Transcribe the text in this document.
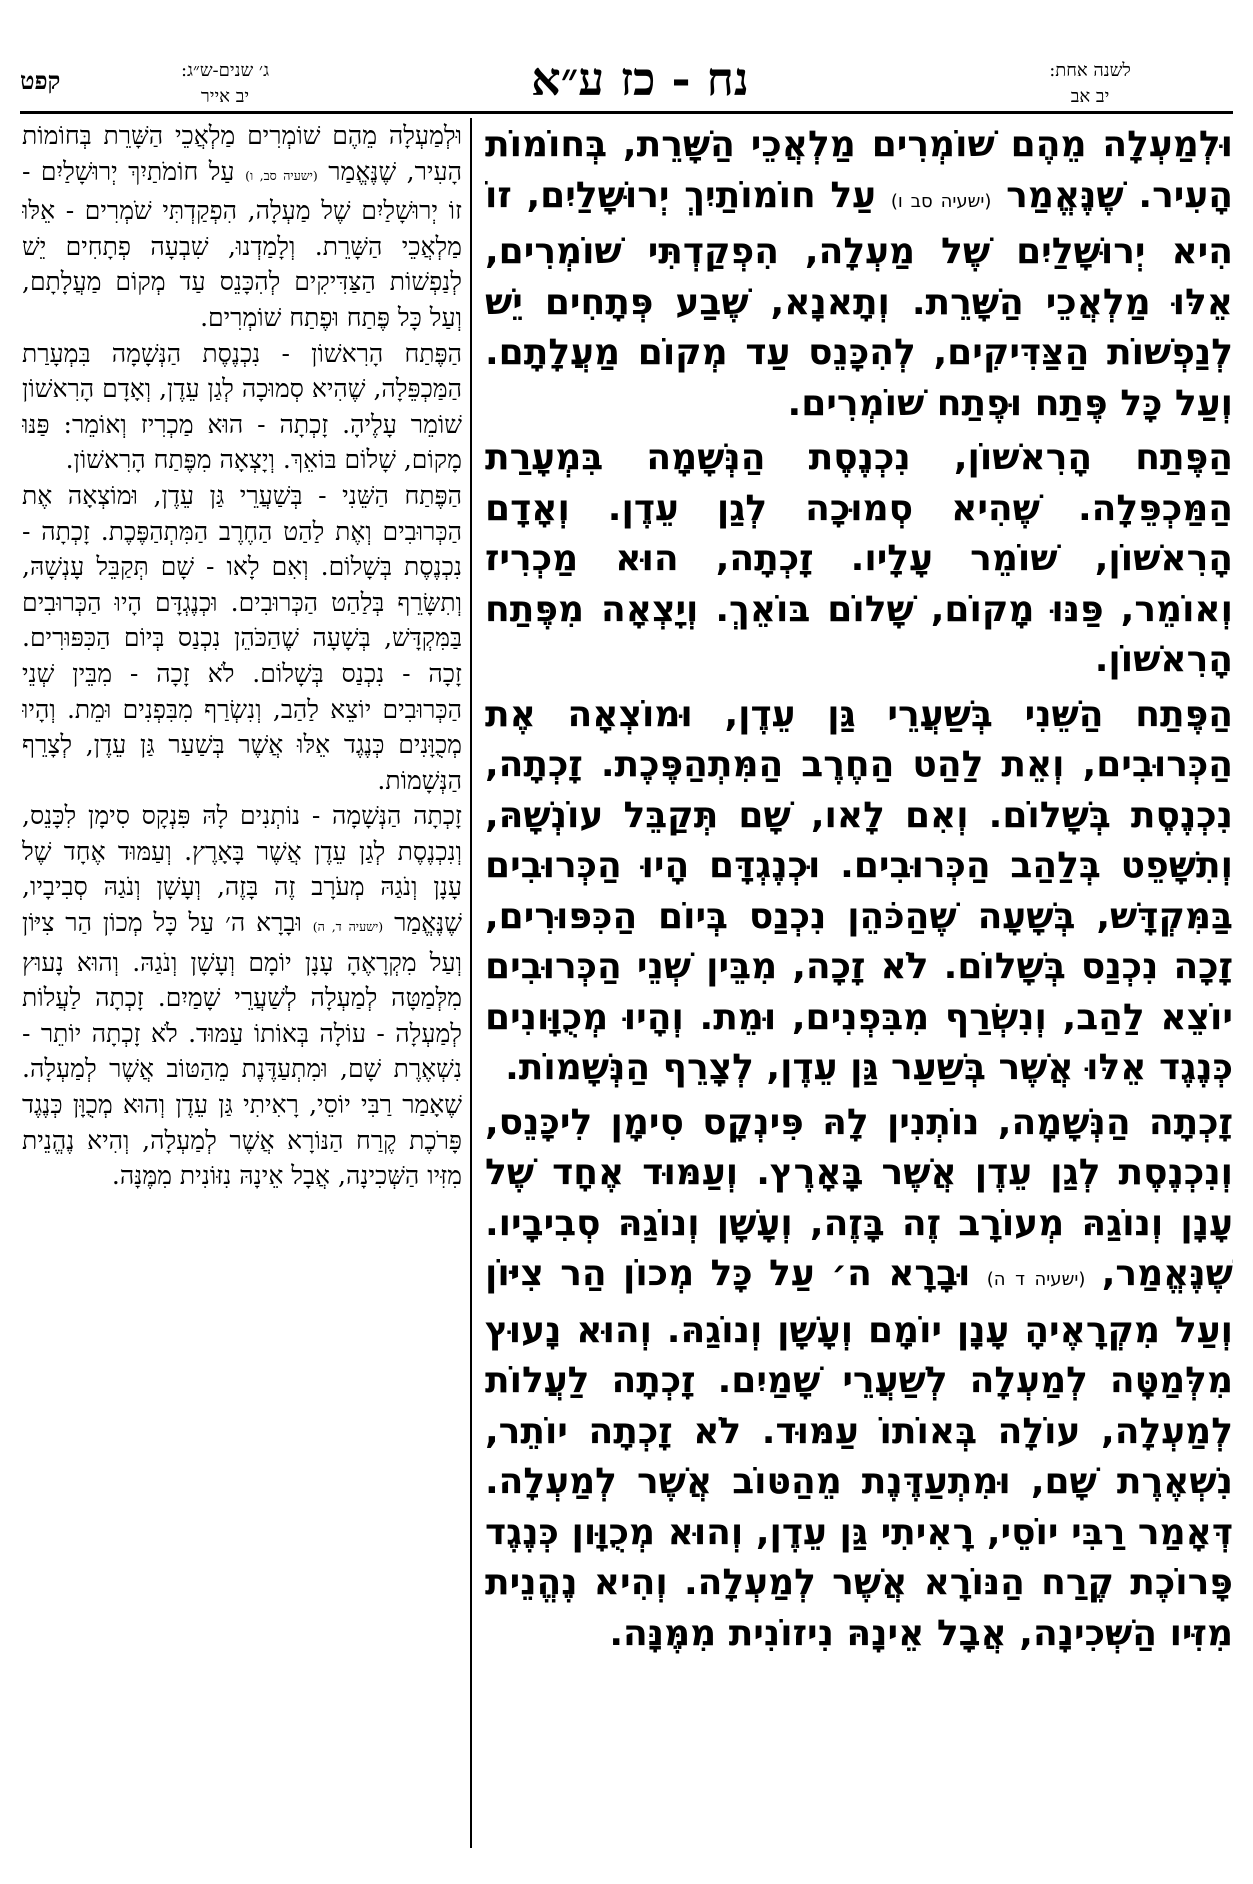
קפט	ג׳ שנים-ש״ג:
יב אייר	נח - כז ע״א	לשנה אחת:
יב אב

וּלְמַעְלָה מֵהֶם שׁוֹמְרִים מַלְאֲכֵי הַשָּׁרֵת, בְּחוֹמוֹת הָעִיר. שֶׁנֶּאֱמַר (ישעיה סב ו) עַל חוֹמוֹתַיִךְ יְרוּשָׁלַיִם, זוֹ הִיא יְרוּשָׁלַיִם שֶׁל מַעְלָה, הִפְקַדְתִּי שׁוֹמְרִים, אֵלּוּ מַלְאֲכֵי הַשָּׁרֵת. וְתָאנָא, שֶׁבַע פְּתָחִים יֵשׁ לְנַפְשׁוֹת הַצַּדִּיקִים, לְהִכָּנֵס עַד מְקוֹם מַעֲלָתָם. וְעַל כָּל פֶּתַח וּפֶתַח שׁוֹמְרִים.

הַפֶּתַח הָרִאשׁוֹן, נִכְנֶסֶת הַנְּשָׁמָה בִּמְעָרַת הַמַּכְפֵּלָה. שֶׁהִיא סְמוּכָה לְגַן עֵדֶן. וְאָדָם הָרִאשׁוֹן, שׁוֹמֵר עָלָיו. זָכְתָה, הוּא מַכְרִיז וְאוֹמֵר, פַּנּוּ מָקוֹם, שָׁלוֹם בּוֹאֵךְ. וְיָצְאָה מִפֶּתַח הָרִאשׁוֹן.

הַפֶּתַח הַשֵּׁנִי בְּשַׁעֲרֵי גַּן עֵדֶן, וּמוֹצְאָה אֶת הַכְּרוּבִים, וְאֵת לַהַט הַחֶרֶב הַמִּתְהַפֶּכֶת. זָכְתָה, נִכְנֶסֶת בְּשָׁלוֹם. וְאִם לָאו, שָׁם תְּקַבֵּל עוֹנְשָׁהּ, וְתִשָּׁפֵט בְּלַהַב הַכְּרוּבִים. וּכְנֶגְדָּם הָיוּ הַכְּרוּבִים בַּמִּקְדָּשׁ, בְּשָׁעָה שֶׁהַכֹּהֵן נִכְנַס בְּיוֹם הַכִּפּוּרִים, זָכָה נִכְנַס בְּשָׁלוֹם. לֹא זָכָה, מִבֵּין שְׁנֵי הַכְּרוּבִים יוֹצֵא לַהַב, וְנִשְׂרַף מִבִּפְנִים, וּמֵת. וְהָיוּ מְכֻוָּונִים כְּנֶגֶד אֵלּוּ אֲשֶׁר בְּשַׁעַר גַּן עֵדֶן, לְצָרֵף הַנְּשָׁמוֹת.

זָכְתָה הַנְּשָׁמָה, נוֹתְנִין לָהּ פִּינְקָס סִימָן לִיכָּנֵס, וְנִכְנֶסֶת לְגַן עֵדֶן אֲשֶׁר בָּאָרֶץ. וְעַמּוּד אֶחָד שֶׁל עָנָן וְנוֹגַהּ מְעוֹרָב זֶה בָּזֶה, וְעָשָׁן וְנוֹגַהּ סְבִיבָיו. שֶׁנֶּאֱמַר, (ישעיה ד ה) וּבָרָא ה׳ עַל כָּל מְכוֹן הַר צִיּוֹן וְעַל מִקְרָאֶיהָ עָנָן יוֹמָם וְעָשָׁן וְנוֹגַהּ. וְהוּא נָעוּץ מִלְּמַטָּה לְמַעְלָה לְשַׁעֲרֵי שָׁמַיִם. זָכְתָה לַעֲלוֹת לְמַעְלָה, עוֹלָה בְּאוֹתוֹ עַמּוּד. לֹא זָכְתָה יוֹתֵר, נִשְׁאֶרֶת שָׁם, וּמִתְעַדֶּנֶת מֵהַטּוֹב אֲשֶׁר לְמַעְלָה. דְּאָמַר רַבִּי יוֹסֵי, רָאִיתִי גַּן עֵדֶן, וְהוּא מְכֻוָּון כְּנֶגֶד פָּרוֹכֶת קֶרַח הַנּוֹרָא אֲשֶׁר לְמַעְלָה. וְהִיא נֶהֱנֵית מִזִּיו הַשְּׁכִינָה, אֲבָל אֵינָהּ נִיזוֹנִית מִמֶּנָּה.

וּלְמַעְלָה מֵהֶם שׁוֹמְרִים מַלְאֲכֵי הַשָּׁרֵת בְּחוֹמוֹת הָעִיר, שֶׁנֶּאֱמַר (ישעיה סב, ו) עַל חוֹמֹתַיִךְ יְרוּשָׁלַיִם - זוֹ יְרוּשָׁלַיִם שֶׁל מַעְלָה, הִפְקַדְתִּי שֹׁמְרִים - אֵלּוּ מַלְאֲכֵי הַשָּׁרֵת. וְלָמַדְנוּ, שִׁבְעָה פְתָחִים יֵשׁ לְנַפְשׁוֹת הַצַּדִּיקִים לְהִכָּנֵס עַד מְקוֹם מַעֲלָתָם, וְעַל כָּל פֶּתַח וּפֶתַח שׁוֹמְרִים.

הַפֶּתַח הָרִאשׁוֹן - נִכְנֶסֶת הַנְּשָׁמָה בִּמְעָרַת הַמַּכְפֵּלָה, שֶׁהִיא סְמוּכָה לְגַן עֵדֶן, וְאָדָם הָרִאשׁוֹן שׁוֹמֵר עָלֶיהָ. זָכְתָה - הוּא מַכְרִיז וְאוֹמֵר: פַּנּוּ מָקוֹם, שָׁלוֹם בּוֹאֵךְ. וְיָצְאָה מִפֶּתַח הָרִאשׁוֹן.

הַפֶּתַח הַשֵּׁנִי - בְּשַׁעֲרֵי גַּן עֵדֶן, וּמוֹצְאָה אֶת הַכְּרוּבִים וְאֶת לַהַט הַחֶרֶב הַמִּתְהַפֶּכֶת. זָכְתָה - נִכְנֶסֶת בְּשָׁלוֹם. וְאִם לָאו - שָׁם תְּקַבֵּל עָנְשָׁהּ, וְתִשָּׂרֵף בְּלַהַט הַכְּרוּבִים. וּכְנֶגְדָּם הָיוּ הַכְּרוּבִים בַּמִּקְדָּשׁ, בְּשָׁעָה שֶׁהַכֹּהֵן נִכְנַס בְּיוֹם הַכִּפּוּרִים. זָכָה - נִכְנַס בְּשָׁלוֹם. לֹא זָכָה - מִבֵּין שְׁנֵי הַכְּרוּבִים יוֹצֵא לַהַב, וְנִשְׂרַף מִבִּפְנִים וּמֵת. וְהָיוּ מְכֻוָּנִים כְּנֶגֶד אֵלּוּ אֲשֶׁר בְּשַׁעַר גַּן עֵדֶן, לְצָרֵף הַנְּשָׁמוֹת.

זָכְתָה הַנְּשָׁמָה - נוֹתְנִים לָהּ פִּנְקָס סִימָן לִכָּנֵס, וְנִכְנֶסֶת לְגַן עֵדֶן אֲשֶׁר בָּאָרֶץ. וְעַמּוּד אֶחָד שֶׁל עָנָן וְנֹגַהּ מְעֹרָב זֶה בָּזֶה, וְעָשָׁן וְנֹגַהּ סְבִיבָיו, שֶׁנֶּאֱמַר (ישעיה ד, ה) וּבָרָא ה׳ עַל כָּל מְכוֹן הַר צִיּוֹן וְעַל מִקְרָאֶהָ עָנָן יוֹמָם וְעָשָׁן וְנֹגַהּ. וְהוּא נָעוּץ מִלְּמַטָּה לְמַעְלָה לְשַׁעֲרֵי שָׁמַיִם. זָכְתָה לַעֲלוֹת לְמַעְלָה - עוֹלָה בְּאוֹתוֹ עַמּוּד. לֹא זָכְתָה יוֹתֵר - נִשְׁאֶרֶת שָׁם, וּמִתְעַדֶּנֶת מֵהַטּוֹב אֲשֶׁר לְמַעְלָה. שֶׁאָמַר רַבִּי יוֹסֵי, רָאִיתִי גַּן עֵדֶן וְהוּא מְכֻוָּן כְּנֶגֶד פָּרֹכֶת קֶרַח הַנּוֹרָא אֲשֶׁר לְמַעְלָה, וְהִיא נֶהֱנֵית מִזִּיו הַשְּׁכִינָה, אֲבָל אֵינָהּ נִזּוֹנִית מִמֶּנָּה.
